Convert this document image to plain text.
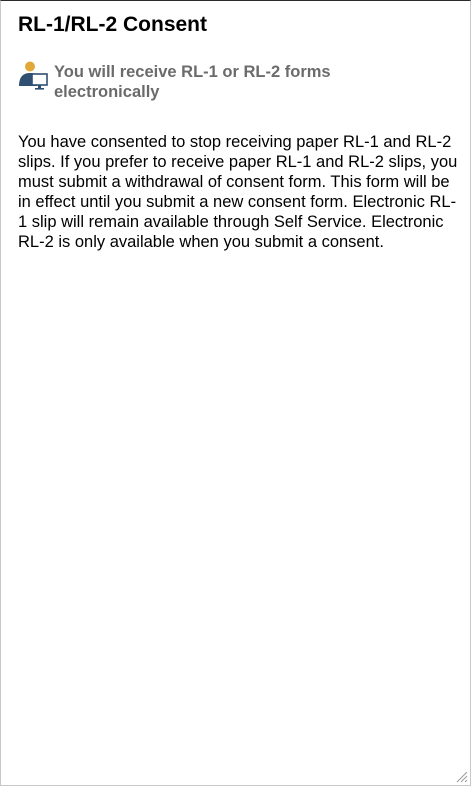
RL-1/RL-2 Consent
You will receive RL-1 or RL-2 forms electronically

You have consented to stop receiving paper RL-1 and RL-2 slips. If you prefer to receive paper RL-1 and RL-2 slips, you must submit a withdrawal of consent form. This form will be in effect until you submit a new consent form. Electronic RL-1 slip will remain available through Self Service. Electronic RL-2 is only available when you submit a consent.
